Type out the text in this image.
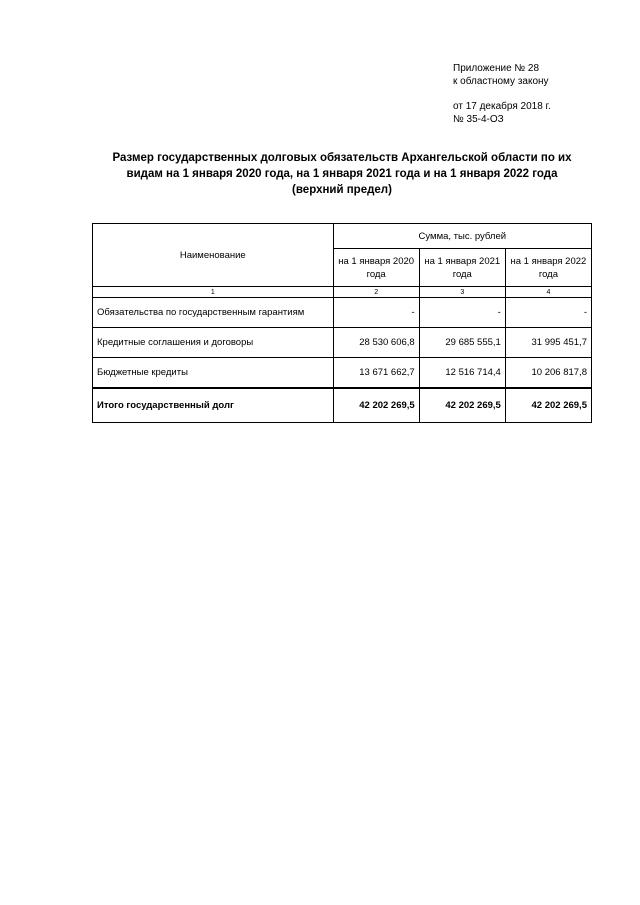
Приложение № 28
к областному закону
от 17 декабря 2018 г.
№ 35-4-ОЗ
Размер государственных долговых обязательств Архангельской области по их
видам на 1 января 2020 года, на 1 января 2021 года и на 1 января 2022 года
(верхний предел)
Наименование	Сумма, тыс. рублей		
	на 1 января 2020 года	на 1 января 2021 года	на 1 января 2022 года
1	2	3	4
Обязательства по государственным гарантиям	-	-	-
Кредитные соглашения и договоры	28 530 606,8	29 685 555,1	31 995 451,7
Бюджетные кредиты	13 671 662,7	12 516 714,4	10 206 817,8
Итого государственный долг	42 202 269,5	42 202 269,5	42 202 269,5
